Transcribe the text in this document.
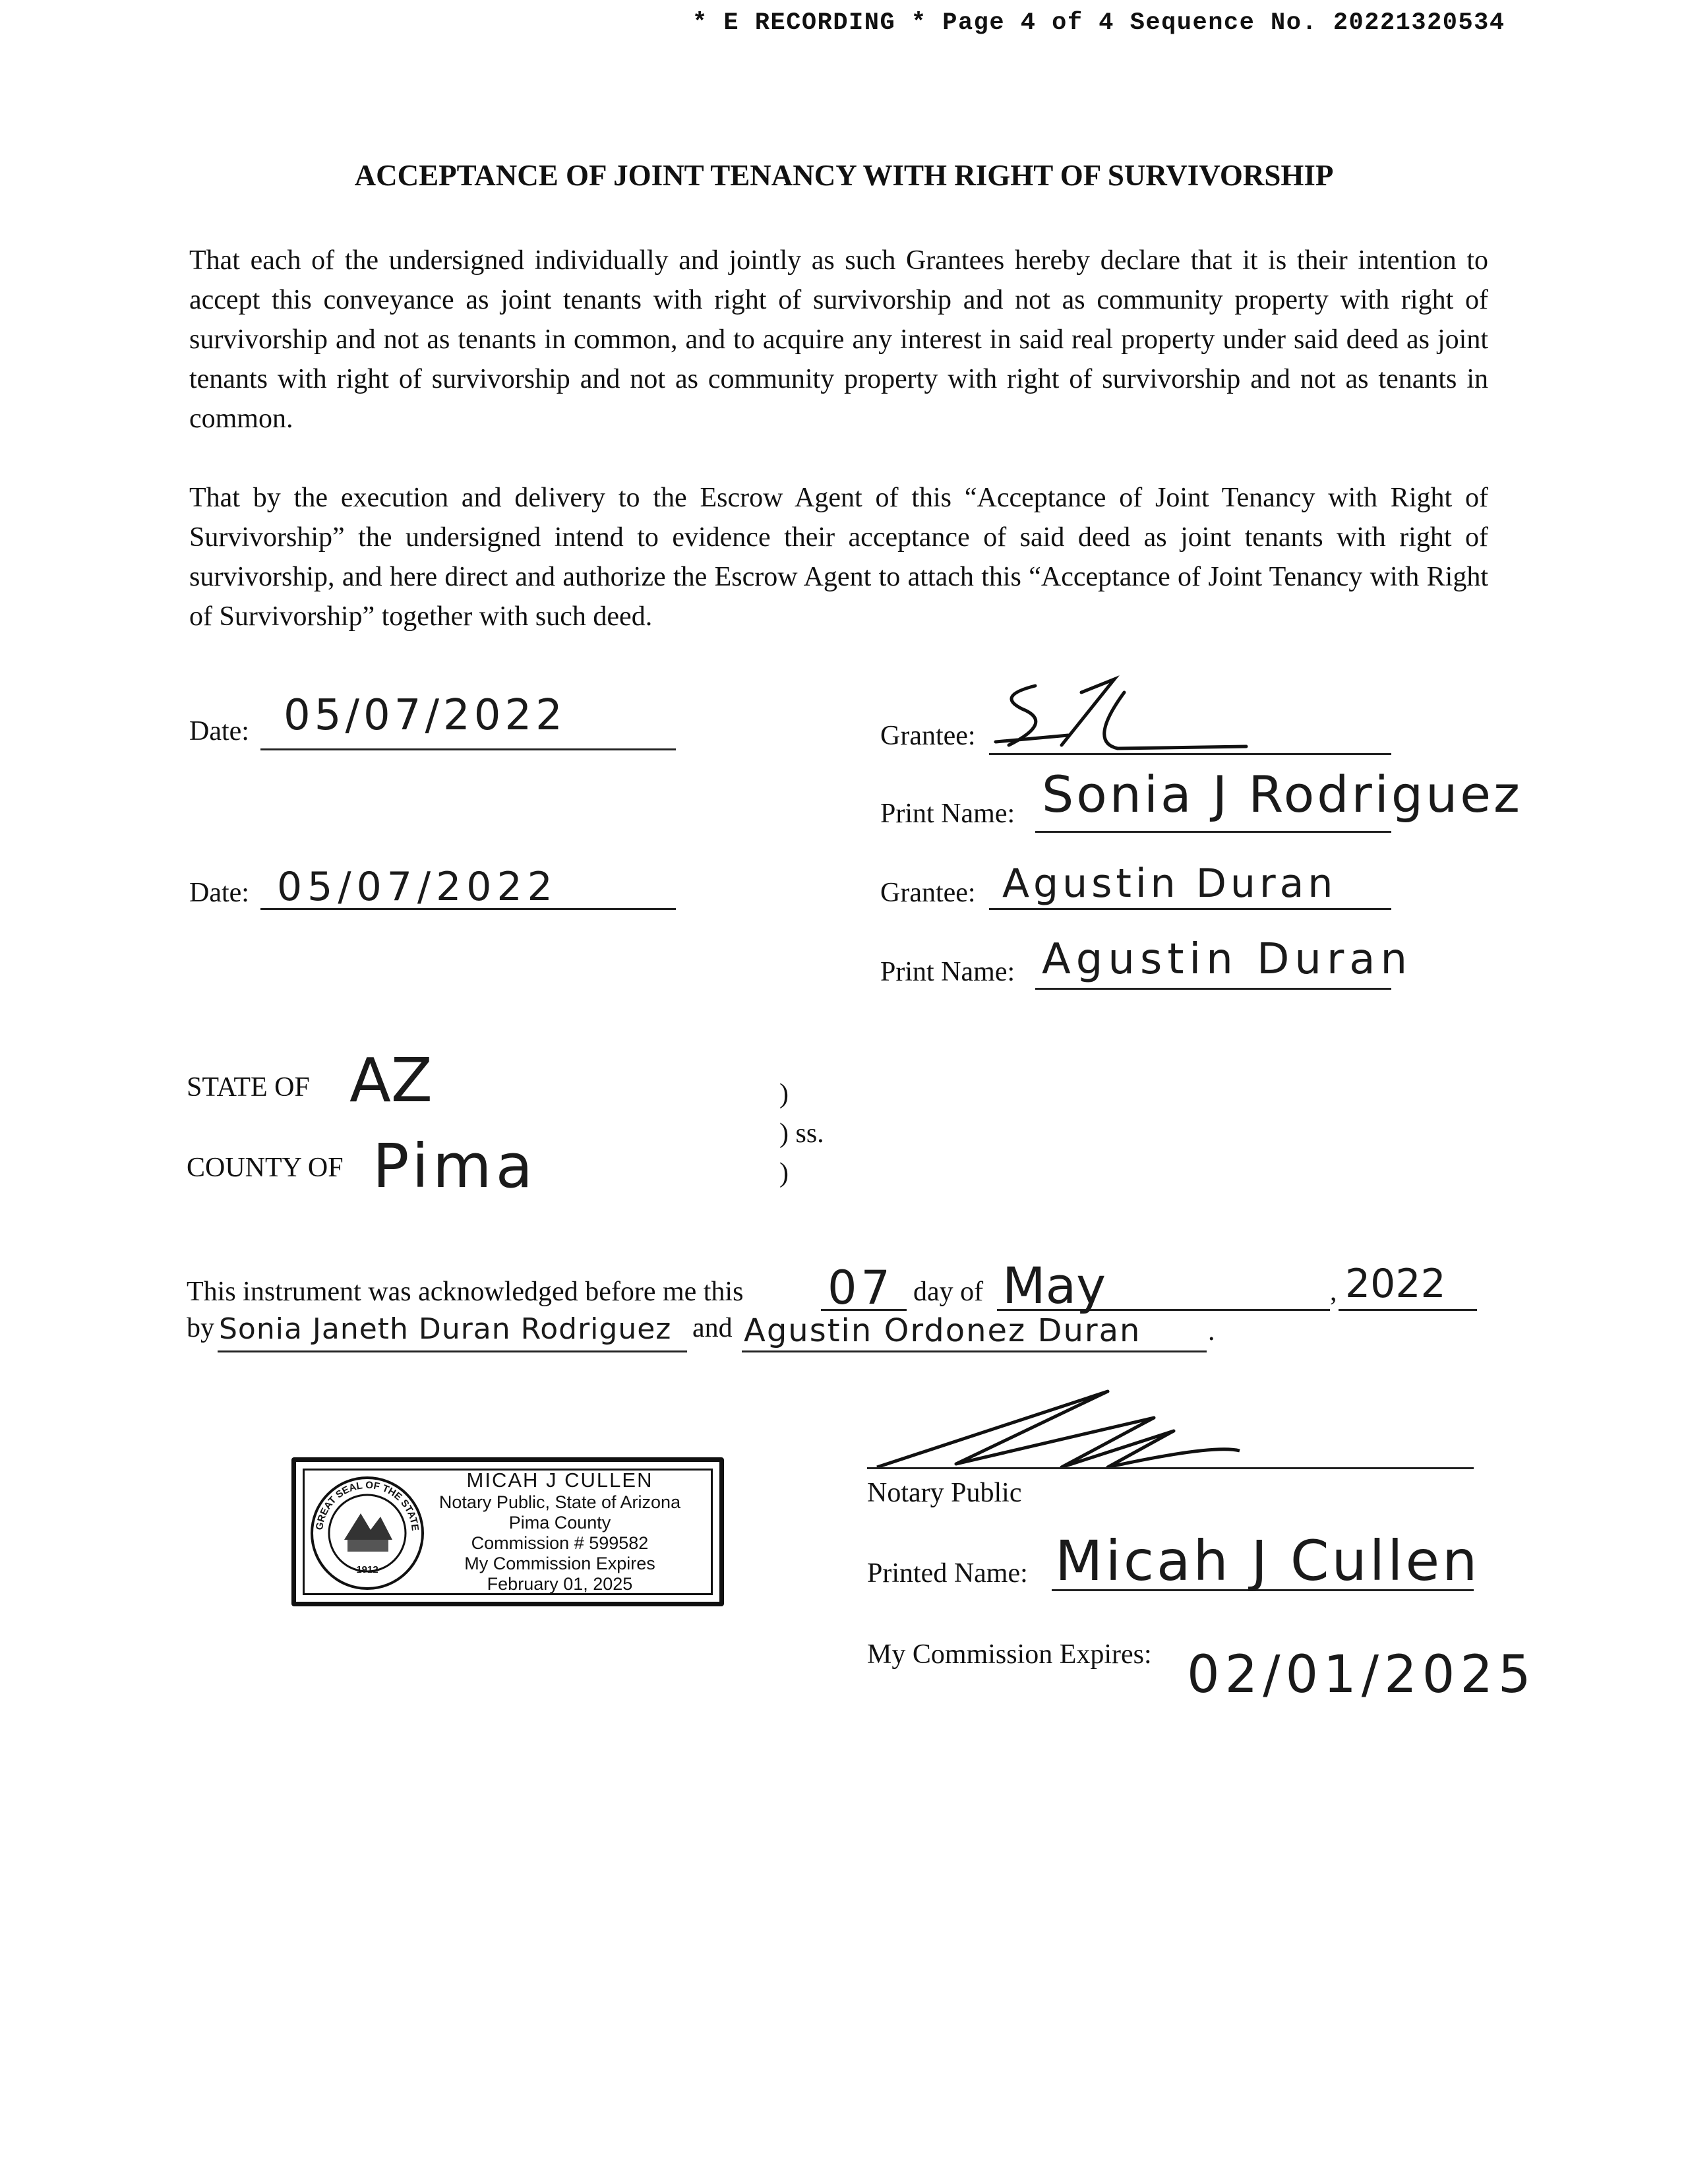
* E RECORDING * Page 4 of 4 Sequence No. 20221320534
ACCEPTANCE OF JOINT TENANCY WITH RIGHT OF SURVIVORSHIP

That each of the undersigned individually and jointly as such Grantees hereby declare that it is their intention to accept this conveyance as joint tenants with right of survivorship and not as community property with right of survivorship and not as tenants in common, and to acquire any interest in said real property under said deed as joint tenants with right of survivorship and not as community property with right of survivorship and not as tenants in common.

That by the execution and delivery to the Escrow Agent of this “Acceptance of Joint Tenancy with Right of Survivorship” the undersigned intend to evidence their acceptance of said deed as joint tenants with right of survivorship, and here direct and authorize the Escrow Agent to attach this “Acceptance of Joint Tenancy with Right of Survivorship” together with such deed.

Date: 05/07/2022	Grantee:
Print Name: Sonia J Rodriguez
Date: 05/07/2022	Grantee: Agustin Duran
Print Name: Agustin Duran
STATE OF AZ
COUNTY OF Pima
)
) ss.
)
This instrument was acknowledged before me this 07 day of May	, 2022
by Sonia Janeth Duran Rodriguez and Agustin Ordonez Duran .
Notary Public
Printed Name: Micah J Cullen
My Commission Expires: 02/01/2025
GREAT SEAL OF THE STATE OF ARIZONA
1912
MICAH J CULLEN
Notary Public, State of Arizona
Pima County
Commission # 599582
My Commission Expires
February 01, 2025
